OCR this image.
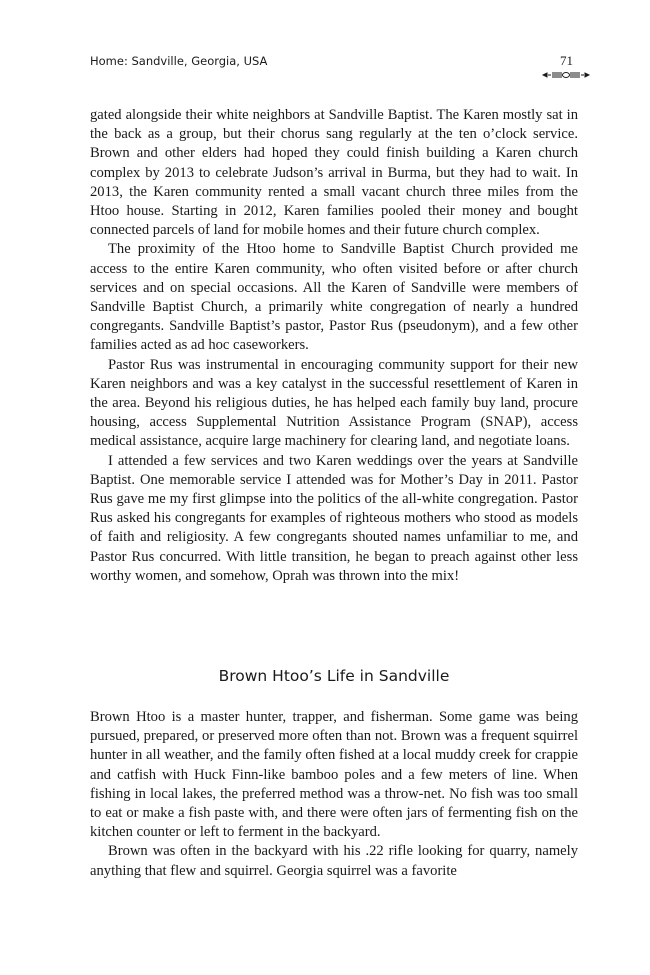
Home: Sandville, Georgia, USA	71

gated alongside their white neighbors at Sandville Baptist. The Karen mostly sat in the back as a group, but their chorus sang regularly at the ten o’clock service. Brown and other elders had hoped they could finish building a Karen church complex by 2013 to celebrate Judson’s arrival in Burma, but they had to wait. In 2013, the Karen community rented a small vacant church three miles from the Htoo house. Starting in 2012, Karen families pooled their money and bought connected parcels of land for mobile homes and their future church complex.

The proximity of the Htoo home to Sandville Baptist Church provided me access to the entire Karen community, who often visited before or after church services and on special occasions. All the Karen of Sandville were members of Sandville Baptist Church, a primarily white congregation of nearly a hundred congregants. Sandville Baptist’s pastor, Pastor Rus (pseudonym), and a few other families acted as ad hoc caseworkers.

Pastor Rus was instrumental in encouraging community support for their new Karen neighbors and was a key catalyst in the successful resettlement of Karen in the area. Beyond his religious duties, he has helped each family buy land, procure housing, access Supplemental Nutrition Assistance Program (SNAP), access medical assistance, acquire large machinery for clearing land, and negotiate loans.

I attended a few services and two Karen weddings over the years at Sandville Baptist. One memorable service I attended was for Mother’s Day in 2011. Pastor Rus gave me my first glimpse into the politics of the all-white congregation. Pastor Rus asked his congregants for examples of righteous mothers who stood as models of faith and religiosity. A few congregants shouted names unfamiliar to me, and Pastor Rus concurred. With little transition, he began to preach against other less worthy women, and somehow, Oprah was thrown into the mix!

Brown Htoo’s Life in Sandville

Brown Htoo is a master hunter, trapper, and fisherman. Some game was being pursued, prepared, or preserved more often than not. Brown was a frequent squirrel hunter in all weather, and the family often fished at a local muddy creek for crappie and catfish with Huck Finn-like bamboo poles and a few meters of line. When fishing in local lakes, the preferred method was a throw-net. No fish was too small to eat or make a fish paste with, and there were often jars of fermenting fish on the kitchen counter or left to ferment in the backyard.

Brown was often in the backyard with his .22 rifle looking for quarry, namely anything that flew and squirrel. Georgia squirrel was a favorite
